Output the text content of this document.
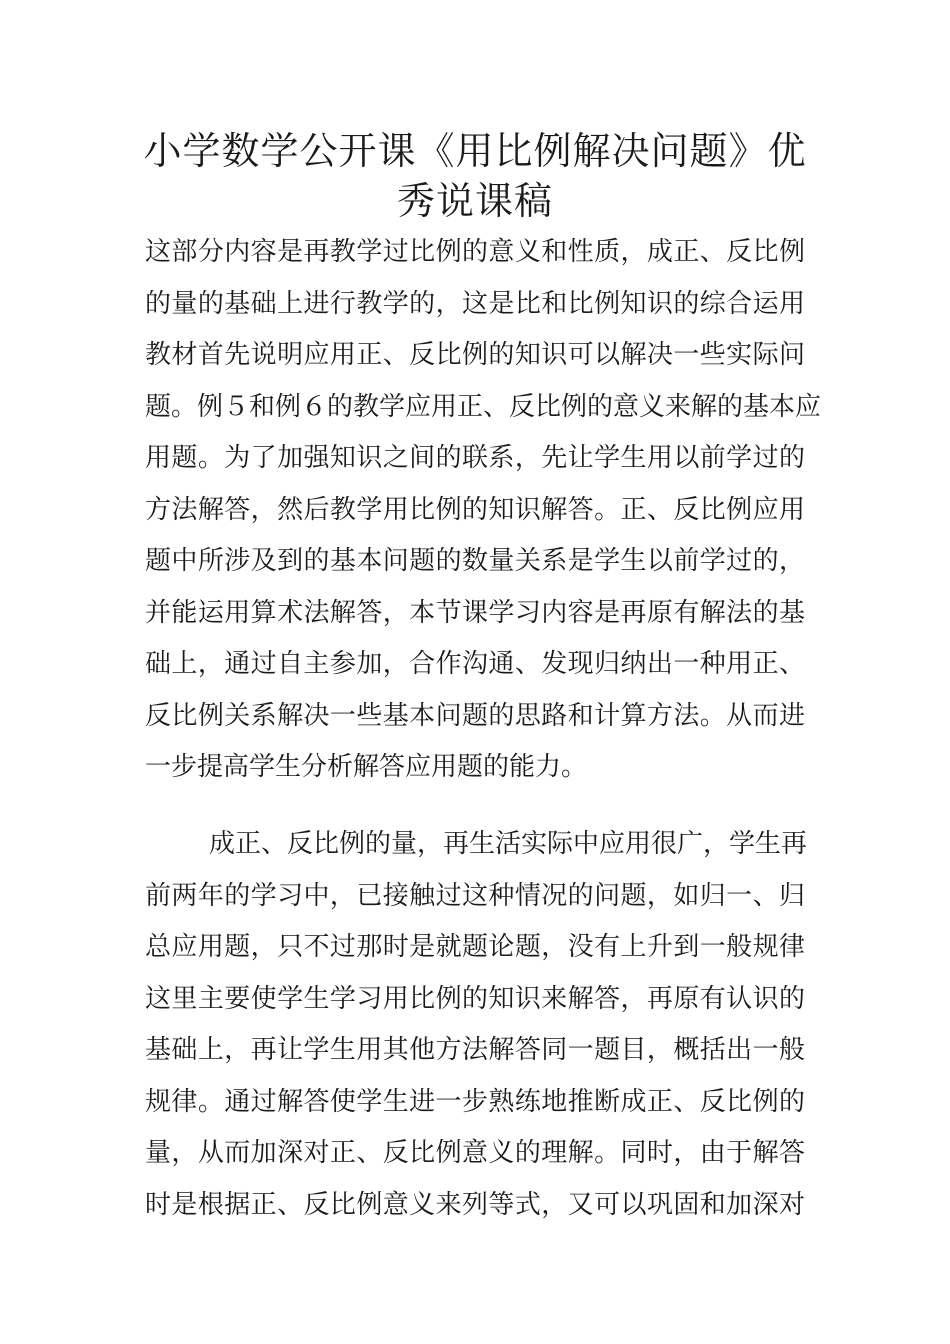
小学数学公开课《用比例解决问题》优
秀说课稿
这部分内容是再教学过比例的意义和性质，成正、反比例
的量的基础上进行教学的，这是比和比例知识的综合运用
教材首先说明应用正、反比例的知识可以解决一些实际问
题。例５和例６的教学应用正、反比例的意义来解的基本应
用题。为了加强知识之间的联系，先让学生用以前学过的
方法解答，然后教学用比例的知识解答。正、反比例应用
题中所涉及到的基本问题的数量关系是学生以前学过的，
并能运用算术法解答，本节课学习内容是再原有解法的基
础上，通过自主参加，合作沟通、发现归纳出一种用正、
反比例关系解决一些基本问题的思路和计算方法。从而进
一步提高学生分析解答应用题的能力。
成正、反比例的量，再生活实际中应用很广，学生再
前两年的学习中，已接触过这种情况的问题，如归一、归
总应用题，只不过那时是就题论题，没有上升到一般规律
这里主要使学生学习用比例的知识来解答，再原有认识的
基础上，再让学生用其他方法解答同一题目，概括出一般
规律。通过解答使学生进一步熟练地推断成正、反比例的
量，从而加深对正、反比例意义的理解。同时，由于解答
时是根据正、反比例意义来列等式，又可以巩固和加深对
